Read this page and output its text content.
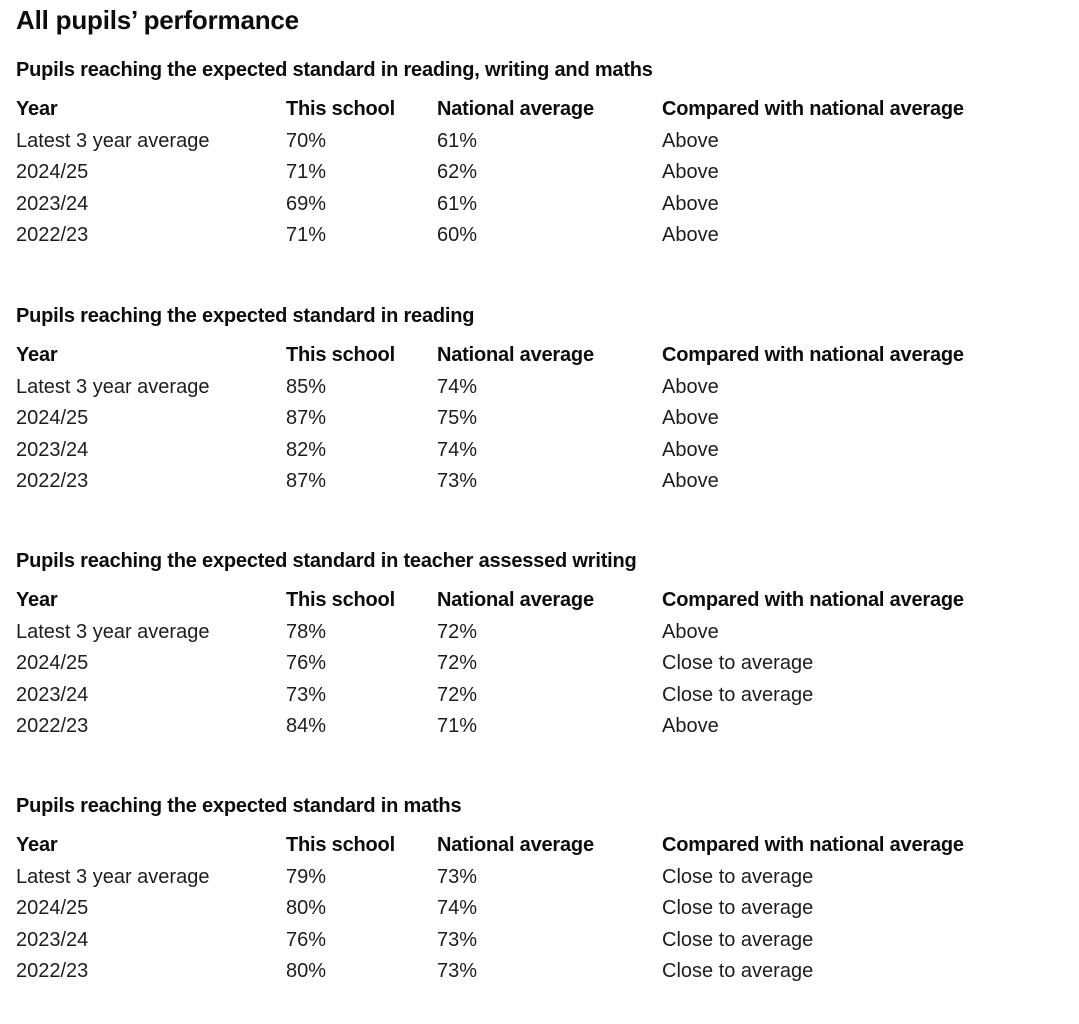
All pupils’ performance
Pupils reaching the expected standard in reading, writing and maths
Year	This school	National average	Compared with national average
Latest 3 year average	70%	61%	Above
2024/25	71%	62%	Above
2023/24	69%	61%	Above
2022/23	71%	60%	Above
Pupils reaching the expected standard in reading
Year	This school	National average	Compared with national average
Latest 3 year average	85%	74%	Above
2024/25	87%	75%	Above
2023/24	82%	74%	Above
2022/23	87%	73%	Above
Pupils reaching the expected standard in teacher assessed writing
Year	This school	National average	Compared with national average
Latest 3 year average	78%	72%	Above
2024/25	76%	72%	Close to average
2023/24	73%	72%	Close to average
2022/23	84%	71%	Above
Pupils reaching the expected standard in maths
Year	This school	National average	Compared with national average
Latest 3 year average	79%	73%	Close to average
2024/25	80%	74%	Close to average
2023/24	76%	73%	Close to average
2022/23	80%	73%	Close to average
